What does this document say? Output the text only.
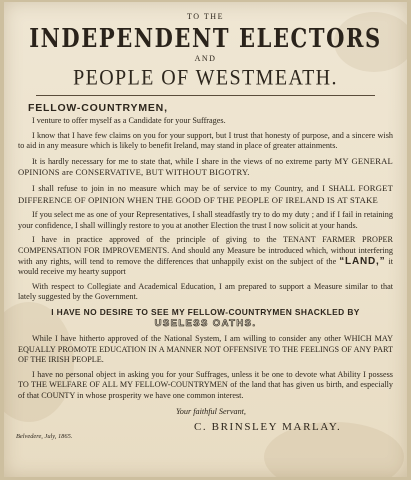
TO THE
INDEPENDENT ELECTORS
AND
PEOPLE OF WESTMEATH.
FELLOW-COUNTRYMEN,

I venture to offer myself as a Candidate for your Suffrages.

I know that I have few claims on you for your support, but I trust that honesty of purpose, and a sincere wish to aid in any measure which is likely to benefit Ireland, may stand in place of greater attainments.

It is hardly necessary for me to state that, while I share in the views of no extreme party MY GENERAL OPINIONS are CONSERVATIVE, BUT WITHOUT BIGOTRY.

I shall refuse to join in no measure which may be of service to my Country, and I SHALL FORGET DIFFERENCE OF OPINION WHEN THE GOOD OF THE PEOPLE OF IRELAND IS AT STAKE

If you select me as one of your Representatives, I shall steadfastly try to do my duty ; and if I fail in retaining your confidence, I shall willingly restore to you at another Election the trust I now solicit at your hands.

I have in practice approved of the principle of giving to the TENANT FARMER PROPER COMPENSATION FOR IMPROVEMENTS. And should any Measure be introduced which, without interfering with any rights, will tend to remove the differences that unhappily exist on the subject of the “LAND,” it would receive my hearty support

With respect to Collegiate and Academical Education, I am prepared to support a Measure similar to that lately suggested by the Government.

I HAVE NO DESIRE TO SEE MY FELLOW-COUNTRYMEN SHACKLED BY
USELESS OATHS.

While I have hitherto approved of the National System, I am willing to consider any other WHICH MAY EQUALLY PROMOTE EDUCATION IN A MANNER NOT OFFENSIVE TO THE FEELINGS OF ANY PART OF THE IRISH PEOPLE.

I have no personal object in asking you for your Suffrages, unless it be one to devote what Ability I possess TO THE WELFARE OF ALL MY FELLOW-COUNTRYMEN of the land that has given us birth, and especially of that COUNTY in whose prosperity we have one common interest.

Your faithful Servant,
C. BRINSLEY MARLAY.
Belvedere, July, 1865.
